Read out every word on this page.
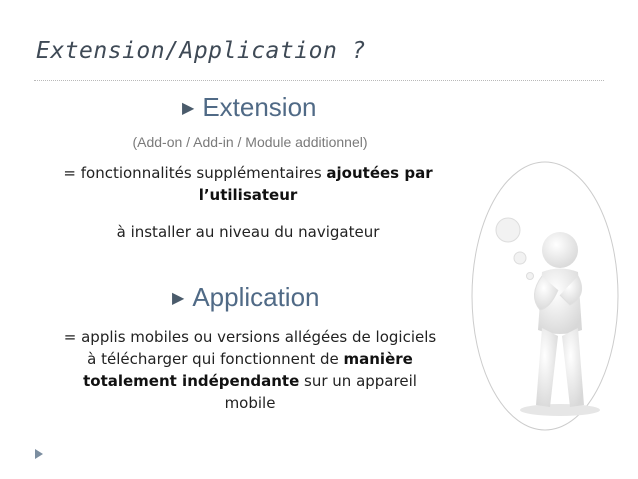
Extension/Application ?
▶ Extension
(Add-on / Add-in / Module additionnel)
= fonctionnalités supplémentaires ajoutées par
l’utilisateur
à installer au niveau du navigateur
▶ Application
= applis mobiles ou versions allégées de logiciels
à télécharger qui fonctionnent de manière
totalement indépendante sur un appareil
mobile
